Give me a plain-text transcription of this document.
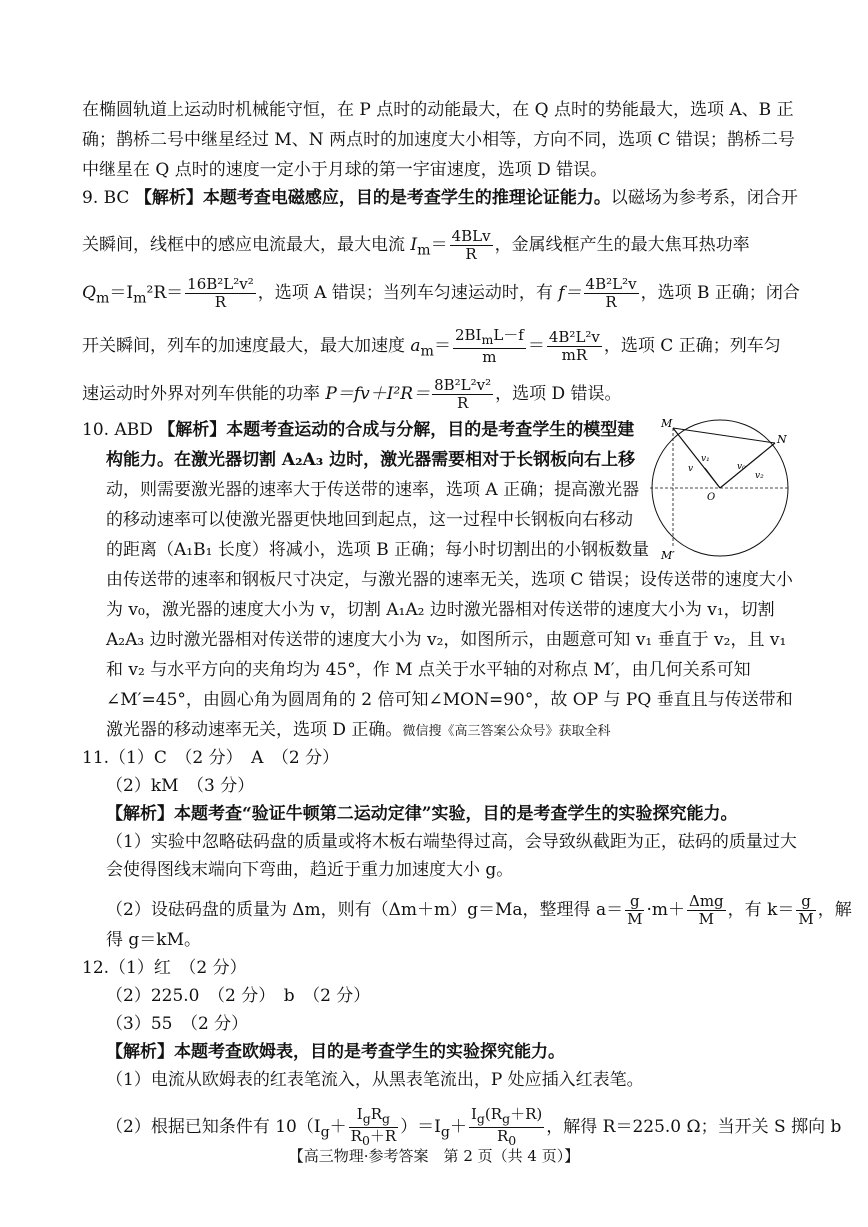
在椭圆轨道上运动时机械能守恒，在 P 点时的动能最大，在 Q 点时的势能最大，选项 A、B 正
确；鹊桥二号中继星经过 M、N 两点时的加速度大小相等，方向不同，选项 C 错误；鹊桥二号
中继星在 Q 点时的速度一定小于月球的第一宇宙速度，选项 D 错误。
9. BC 【解析】本题考查电磁感应，目的是考查学生的推理论证能力。以磁场为参考系，闭合开
关瞬间，线框中的感应电流最大，最大电流 $I_m= \frac{\text{4BLv}}{R}$ ，金属线框产生的最大焦耳热功率
$Q_m=I_m^2R= \frac{\text{16B²L²v²}}{R}$ ，选项 A 错误；当列车匀速运动时，有 $f= \frac{\text{4B²L²v}}{R}$ ，选项 B 正确；闭合
开关瞬间，列车的加速度最大，最大加速度 $a_m= \frac{2BI_mL-f}{m} = \frac{\text{4B²L²v}}{mR}$ ，选项 C 正确；列车匀
速运动时外界对列车供能的功率 $P=fv+I^2R= \frac{\text{8B²L²v²}}{R}$ ，选项 D 错误。
10. ABD 【解析】本题考查运动的合成与分解，目的是考查学生的模型建
构能力。在激光器切割 A₂A₃ 边时，激光器需要相对于长钢板向右上移
动，则需要激光器的速率大于传送带的速率，选项 A 正确；提高激光器
的移动速率可以使激光器更快地回到起点，这一过程中长钢板向右移动
的距离（A₁B₁ 长度）将减小，选项 B 正确；每小时切割出的小钢板数量
由传送带的速率和钢板尺寸决定，与激光器的速率无关，选项 C 错误；设传送带的速度大小
为 v₀，激光器的速度大小为 v，切割 A₁A₂ 边时激光器相对传送带的速度大小为 v₁，切割
A₂A₃ 边时激光器相对传送带的速度大小为 v₂，如图所示，由题意可知 v₁ 垂直于 v₂，且 v₁
和 v₂ 与水平方向的夹角均为 45°，作 M 点关于水平轴的对称点 M′，由几何关系可知
∠M′=45°，由圆心角为圆周角的 2 倍可知∠MON=90°，故 OP 与 PQ 垂直且与传送带和
激光器的移动速率无关，选项 D 正确。微信搜《高三答案公众号》获取全科
M
N
M′
O
v₁
v₂
v	v₀
11.（1）C　（2 分）　A　（2 分）
（2）kM　（3 分）
【解析】本题考查“验证牛顿第二运动定律”实验，目的是考查学生的实验探究能力。
（1）实验中忽略砝码盘的质量或将木板右端垫得过高，会导致纵截距为正，砝码的质量过大
会使得图线末端向下弯曲，趋近于重力加速度大小 g。
（2）设砝码盘的质量为 Δm，则有（Δm＋m）g＝Ma，整理得 $a= \frac{g}{M} \cdot m+ \frac{\text{Δmg}}{M}$ ，有 $k= \frac{g}{M}$ ，解
得 g＝kM。
12.（1）红　（2 分）
（2）225.0　（2 分）　b　（2 分）
（3）55　（2 分）
【解析】本题考查欧姆表，目的是考查学生的实验探究能力。
（1）电流从欧姆表的红表笔流入，从黑表笔流出，P 处应插入红表笔。
（2）根据已知条件有 $10(I_g+ \frac{I_gR_g}{R_0+R} )=I_g+ \frac{I_g(R_g+R)}{R_0}$ ，解得 R＝225.0 Ω；当开关 S 掷向 b
【高三物理·参考答案　第 2 页（共 4 页）】
